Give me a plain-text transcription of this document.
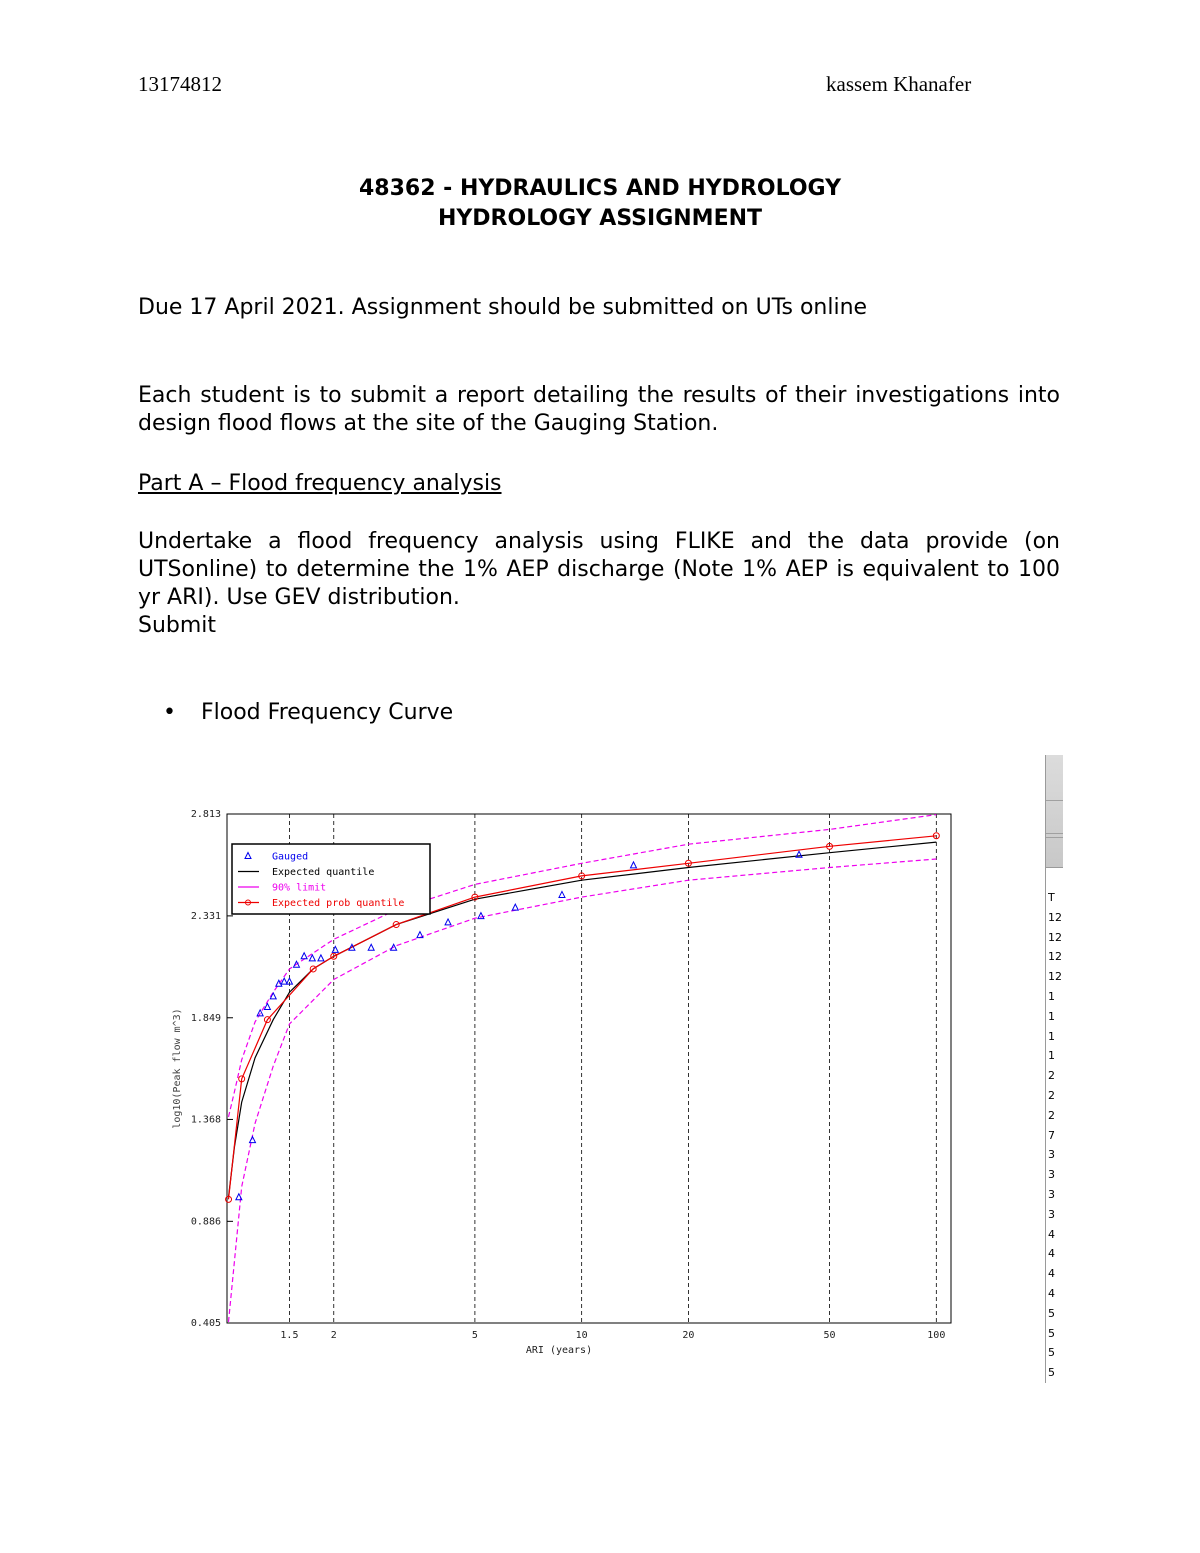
13174812	kassem Khanafer
48362 - HYDRAULICS AND HYDROLOGY
HYDROLOGY ASSIGNMENT
Due 17 April 2021. Assignment should be submitted on UTs online
Each student is to submit a report detailing the results of their investigations into design flood flows at the site of the Gauging Station.
Part A – Flood frequency analysis
Undertake a flood frequency analysis using FLIKE and the data provide (on UTSonline) to determine the 1% AEP discharge (Note 1% AEP is equivalent to 100 yr ARI). Use GEV distribution.
Submit
• Flood Frequency Curve
0.405
0.886
1.368
1.849
2.331
2.813
1.5	2	5	10	20	50	100
ARI (years)
log10(Peak flow m^3)
Gauged
Expected quantile
90% limit
Expected prob quantile	T
12
12
12
12
1
1
1
1
2
2
2
7
3
3
3
3
4
4
4
4
5
5
5
5
